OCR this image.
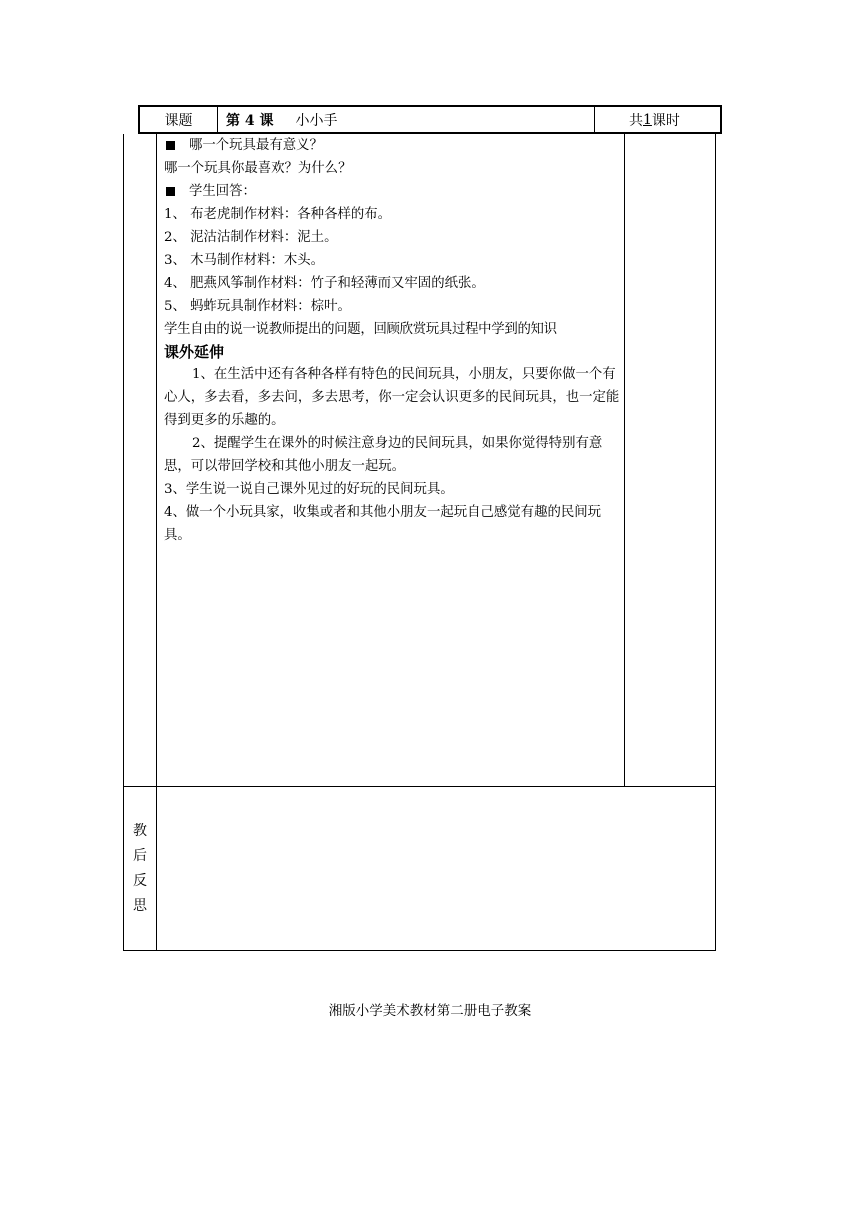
课题	第 4 课 小小手	共 1 课时

哪一个玩具最有意义？

哪一个玩具你最喜欢？为什么？

学生回答：

1、 布老虎制作材料：各种各样的布。

2、 泥沽沽制作材料：泥土。

3、 木马制作材料：木头。

4、 肥燕风筝制作材料：竹子和轻薄而又牢固的纸张。

5、 蚂蚱玩具制作材料：棕叶。

学生自由的说一说教师提出的问题，回顾欣赏玩具过程中学到的知识

课外延伸

1、在生活中还有各种各样有特色的民间玩具，小朋友，只要你做一个有心人，多去看，多去问，多去思考，你一定会认识更多的民间玩具，也一定能得到更多的乐趣的。

2、提醒学生在课外的时候注意身边的民间玩具，如果你觉得特别有意思，可以带回学校和其他小朋友一起玩。

3、学生说一说自己课外见过的好玩的民间玩具。

4、做一个小玩具家，收集或者和其他小朋友一起玩自己感觉有趣的民间玩具。

教
后
反
思
湘版小学美术教材第二册电子教案
